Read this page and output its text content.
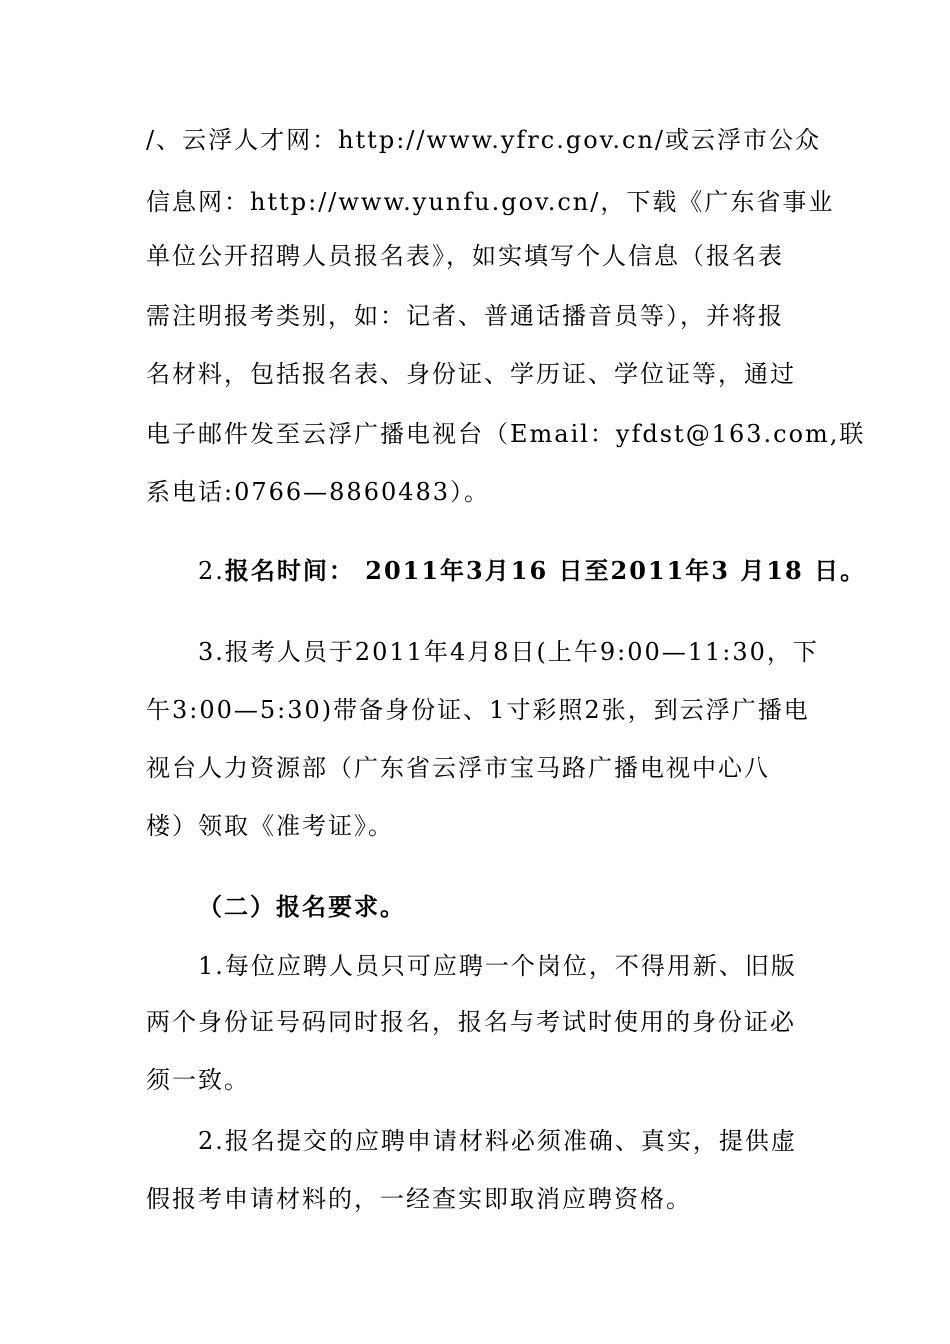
/、云浮人才网：http://www.yfrc.gov.cn/或云浮市公众
信息网：http://www.yunfu.gov.cn/，下载《广东省事业
单位公开招聘人员报名表》，如实填写个人信息（报名表
需注明报考类别，如：记者、普通话播音员等），并将报
名材料，包括报名表、身份证、学历证、学位证等，通过
电子邮件发至云浮广播电视台（Email：yfdst@163.com,联
系电话:0766—8860483）。
2.报名时间： 2011年3月16 日至2011年3 月18 日。
3.报考人员于2011年4月8日(上午9:00—11:30，下
午3:00—5:30)带备身份证、1寸彩照2张，到云浮广播电
视台人力资源部（广东省云浮市宝马路广播电视中心八
楼）领取《准考证》。
（二）报名要求。
1.每位应聘人员只可应聘一个岗位，不得用新、旧版
两个身份证号码同时报名，报名与考试时使用的身份证必
须一致。
2.报名提交的应聘申请材料必须准确、真实，提供虚
假报考申请材料的，一经查实即取消应聘资格。
